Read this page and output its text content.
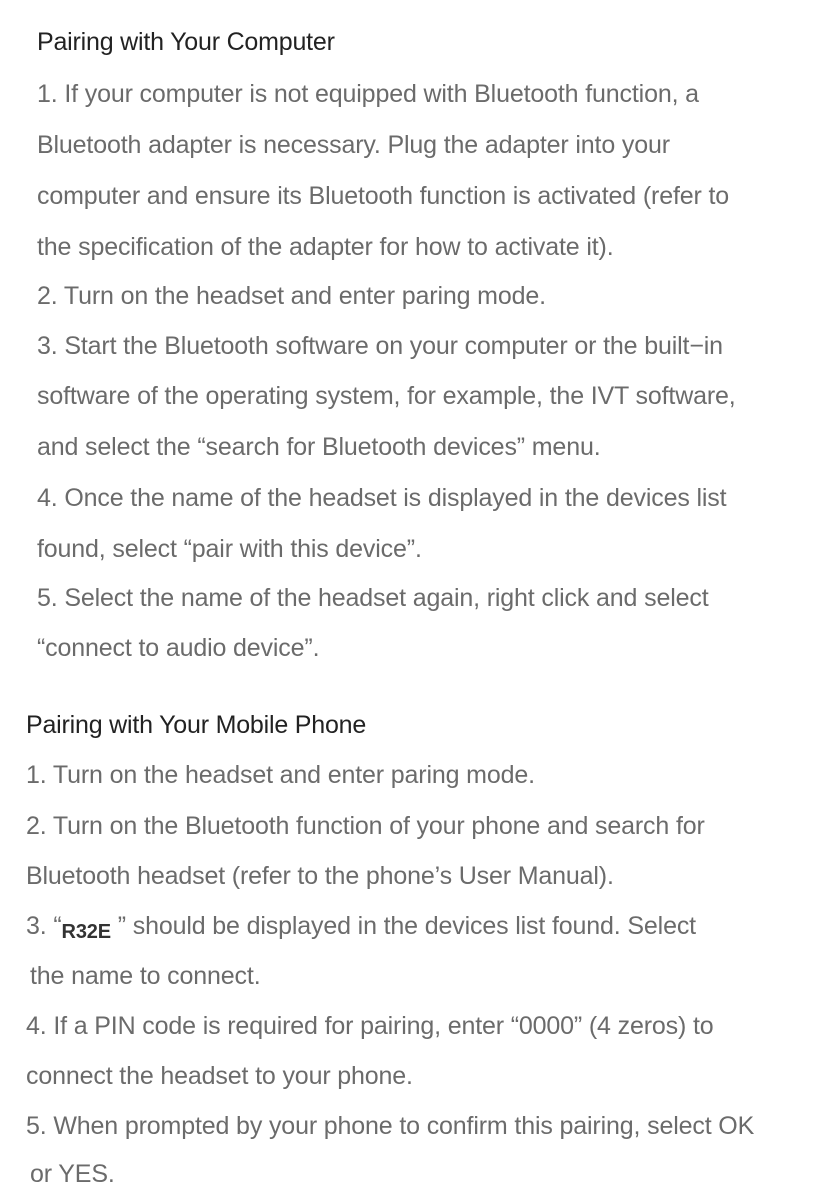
Pairing with Your Computer
1. If your computer is not equipped with Bluetooth function, a
Bluetooth adapter is necessary. Plug the adapter into your
computer and ensure its Bluetooth function is activated (refer to
the specification of the adapter for how to activate it).
2. Turn on the headset and enter paring mode.
3. Start the Bluetooth software on your computer or the built−in
software of the operating system, for example, the IVT software,
and select the “search for Bluetooth devices” menu.
4. Once the name of the headset is displayed in the devices list
found, select “pair with this device”.
5. Select the name of the headset again, right click and select
“connect to audio device”.
Pairing with Your Mobile Phone
1. Turn on the headset and enter paring mode.
2. Turn on the Bluetooth function of your phone and search for
Bluetooth headset (refer to the phone’s User Manual).
3. “R32E ” should be displayed in the devices list found. Select
the name to connect.
4. If a PIN code is required for pairing, enter “0000” (4 zeros) to
connect the headset to your phone.
5. When prompted by your phone to confirm this pairing, select OK
or YES.
